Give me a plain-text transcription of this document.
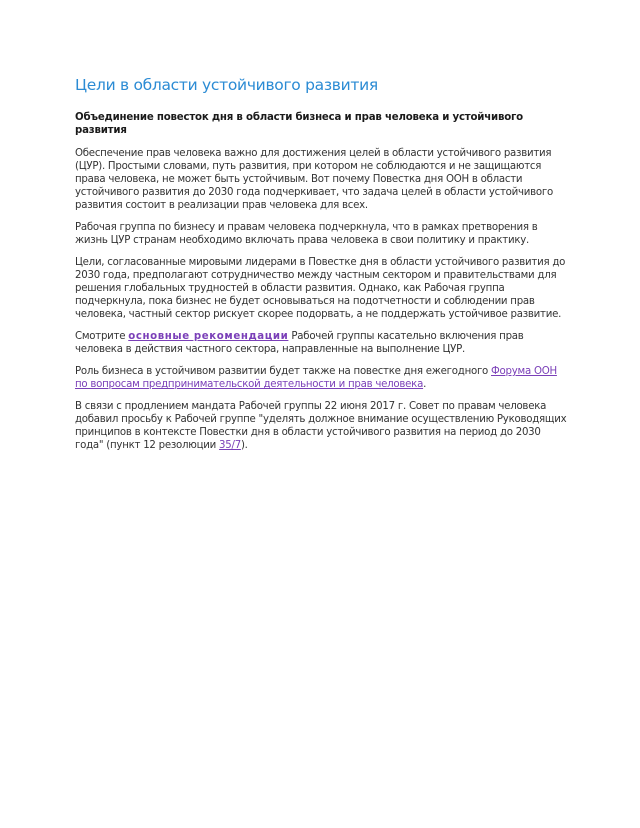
Цели в области устойчивого развития
Объединение повесток дня в области бизнеса и прав человека и устойчивого развития

Обеспечение прав человека важно для достижения целей в области устойчивого развития (ЦУР). Простыми словами, путь развития, при котором не соблюдаются и не защищаются права человека, не может быть устойчивым. Вот почему Повестка дня ООН в области устойчивого развития до 2030 года подчеркивает, что задача целей в области устойчивого развития состоит в реализации прав человека для всех.

Рабочая группа по бизнесу и правам человека подчеркнула, что в рамках претворения в жизнь ЦУР странам необходимо включать права человека в свои политику и практику.

Цели, согласованные мировыми лидерами в Повестке дня в области устойчивого развития до 2030 года, предполагают сотрудничество между частным сектором и правительствами для решения глобальных трудностей в области развития. Однако, как Рабочая группа подчеркнула, пока бизнес не будет основываться на подотчетности и соблюдении прав человека, частный сектор рискует скорее подорвать, а не поддержать устойчивое развитие.

Смотрите основные рекомендации Рабочей группы касательно включения прав человека в действия частного сектора, направленные на выполнение ЦУР.

Роль бизнеса в устойчивом развитии будет также на повестке дня ежегодного Форума ООН по вопросам предпринимательской деятельности и прав человека.

В связи с продлением мандата Рабочей группы 22 июня 2017 г. Совет по правам человека добавил просьбу к Рабочей группе "уделять должное внимание осуществлению Руководящих принципов в контексте Повестки дня в области устойчивого развития на период до 2030 года" (пункт 12 резолюции 35/7).
